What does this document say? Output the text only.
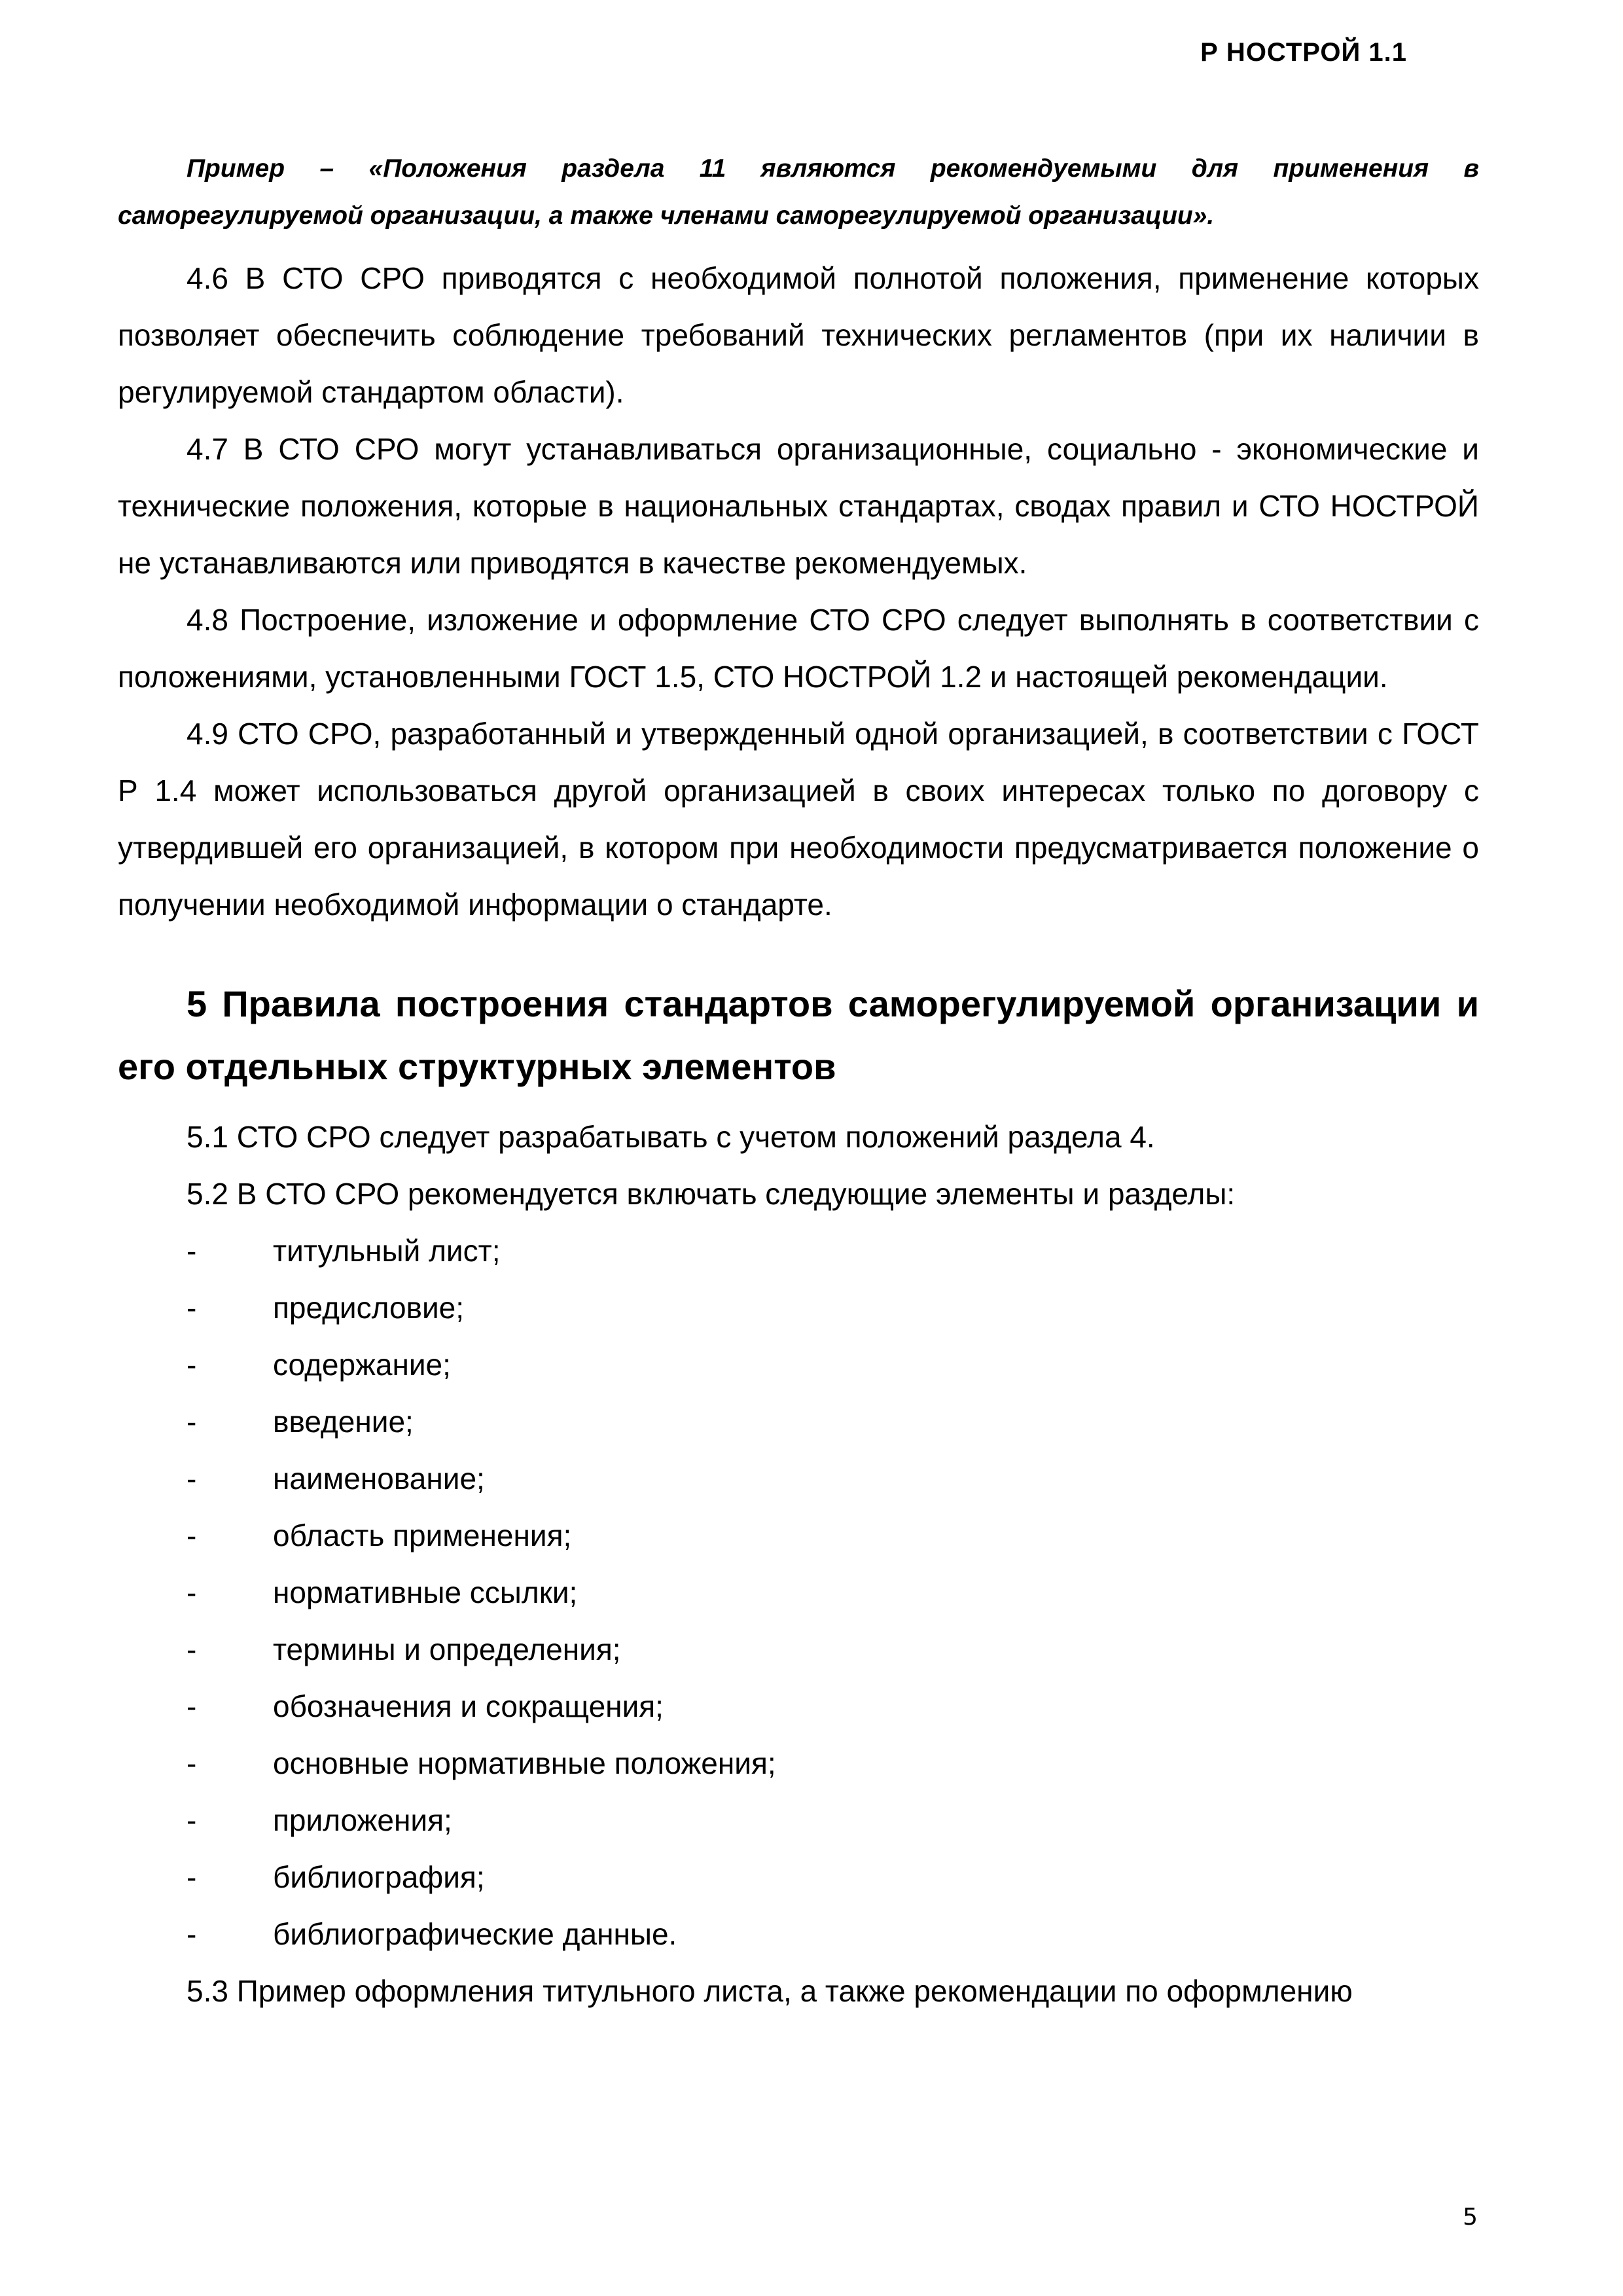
Р НОСТРОЙ 1.1
Пример – «Положения раздела 11 являются рекомендуемыми для применения в
саморегулируемой организации, а также членами саморегулируемой организации».

4.6 В СТО СРО приводятся с необходимой полнотой положения, применение которых позволяет обеспечить соблюдение требований технических регламентов (при их наличии в регулируемой стандартом области).

4.7 В СТО СРО могут устанавливаться организационные, социально - экономические и технические положения, которые в национальных стандартах, сводах правил и СТО НОСТРОЙ не устанавливаются или приводятся в качестве рекомендуемых.

4.8 Построение, изложение и оформление СТО СРО следует выполнять в соответствии с положениями, установленными ГОСТ 1.5, СТО НОСТРОЙ 1.2 и настоящей рекомендации.

4.9 СТО СРО, разработанный и утвержденный одной организацией, в соответствии с ГОСТ Р 1.4 может использоваться другой организацией в своих интересах только по договору с утвердившей его организацией, в котором при необходимости предусматривается положение о получении необходимой информации о стандарте.

5 Правила построения стандартов саморегулируемой организации и его отдельных структурных элементов

5.1 СТО СРО следует разрабатывать с учетом положений раздела 4.

5.2 В СТО СРО рекомендуется включать следующие элементы и разделы:

-	титульный лист;
-	предисловие;
-	содержание;
-	введение;
-	наименование;
-	область применения;
-	нормативные ссылки;
-	термины и определения;
-	обозначения и сокращения;
-	основные нормативные положения;
-	приложения;
-	библиография;
-	библиографические данные.

5.3 Пример оформления титульного листа, а также рекомендации по оформлению

5
